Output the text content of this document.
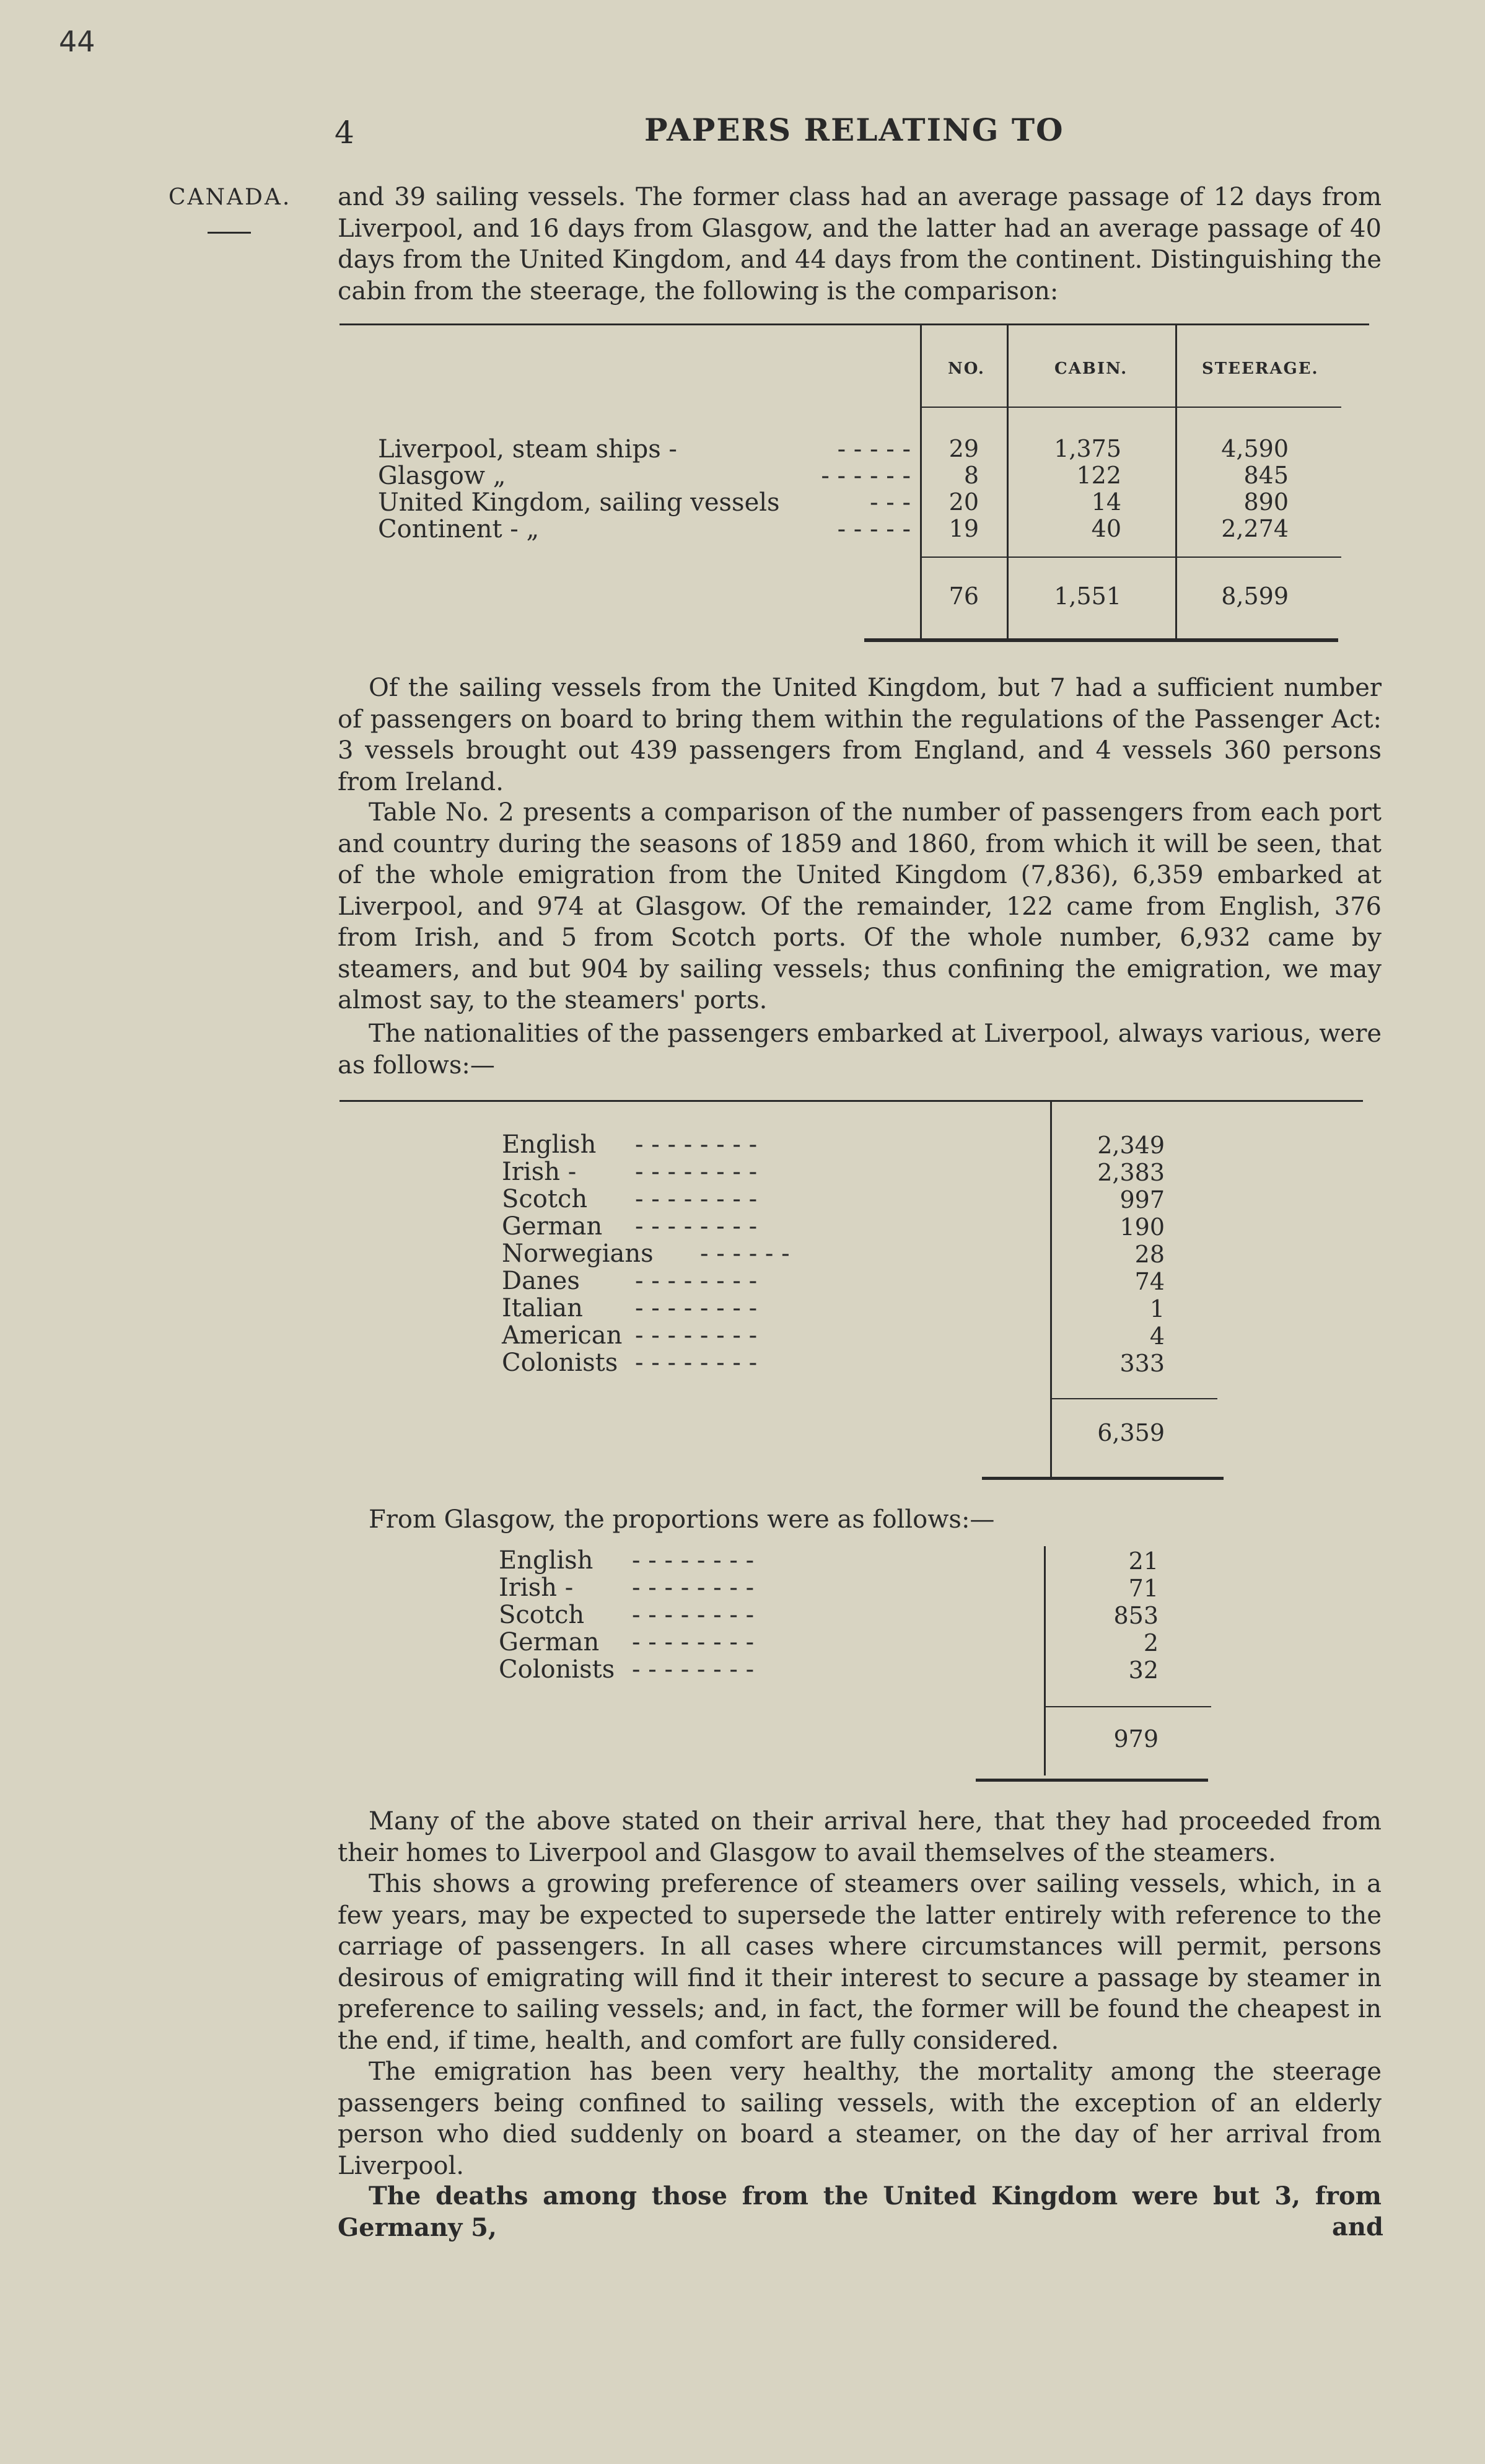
44
4	PAPERS RELATING TO
CANADA. and 39 sailing vessels. The former class had an average passage of 12 days from Liverpool, and 16 days from Glasgow, and the latter had an average passage of 40 days from the United Kingdom, and 44 days from the continent. Distinguishing the cabin from the steerage, the following is the comparison:
NO.	CABIN.	STEERAGE.
Liverpool, steam ships -	- - - - -	29	1,375	4,590
Glasgow „	- - - - - -	8	122	845
United Kingdom, sailing vessels	- - -	20	14	890
Continent - „	- - - - -	19	40	2,274
76	1,551	8,599
Of the sailing vessels from the United Kingdom, but 7 had a sufficient number of passengers on board to bring them within the regulations of the Passenger Act: 3 vessels brought out 439 passengers from England, and 4 vessels 360 persons from Ireland.
Table No. 2 presents a comparison of the number of passengers from each port and country during the seasons of 1859 and 1860, from which it will be seen, that of the whole emigration from the United Kingdom (7,836), 6,359 embarked at Liverpool, and 974 at Glasgow. Of the remainder, 122 came from English, 376 from Irish, and 5 from Scotch ports. Of the whole number, 6,932 came by steamers, and but 904 by sailing vessels; thus confining the emigration, we may almost say, to the steamers' ports.
The nationalities of the passengers embarked at Liverpool, always various, were as follows:—
English - - - - - - - -	2,349
Irish - - - - - - - - -	2,383
Scotch - - - - - - - -	997
German - - - - - - - -	190
Norwegians - - - - - -	28
Danes - - - - - - - -	74
Italian - - - - - - - -	1
American - - - - - - - -	4
Colonists - - - - - - - -	333
6,359
From Glasgow, the proportions were as follows:—
English - - - - - - - -	21
Irish - - - - - - - - -	71
Scotch - - - - - - - -	853
German - - - - - - - -	2
Colonists - - - - - - - -	32
979
Many of the above stated on their arrival here, that they had proceeded from their homes to Liverpool and Glasgow to avail themselves of the steamers.
This shows a growing preference of steamers over sailing vessels, which, in a few years, may be expected to supersede the latter entirely with reference to the carriage of passengers. In all cases where circumstances will permit, persons desirous of emigrating will find it their interest to secure a passage by steamer in preference to sailing vessels; and, in fact, the former will be found the cheapest in the end, if time, health, and comfort are fully considered.
The emigration has been very healthy, the mortality among the steerage passengers being confined to sailing vessels, with the exception of an elderly person who died suddenly on board a steamer, on the day of her arrival from Liverpool.
The deaths among those from the United Kingdom were but 3, from Germany 5,	and
